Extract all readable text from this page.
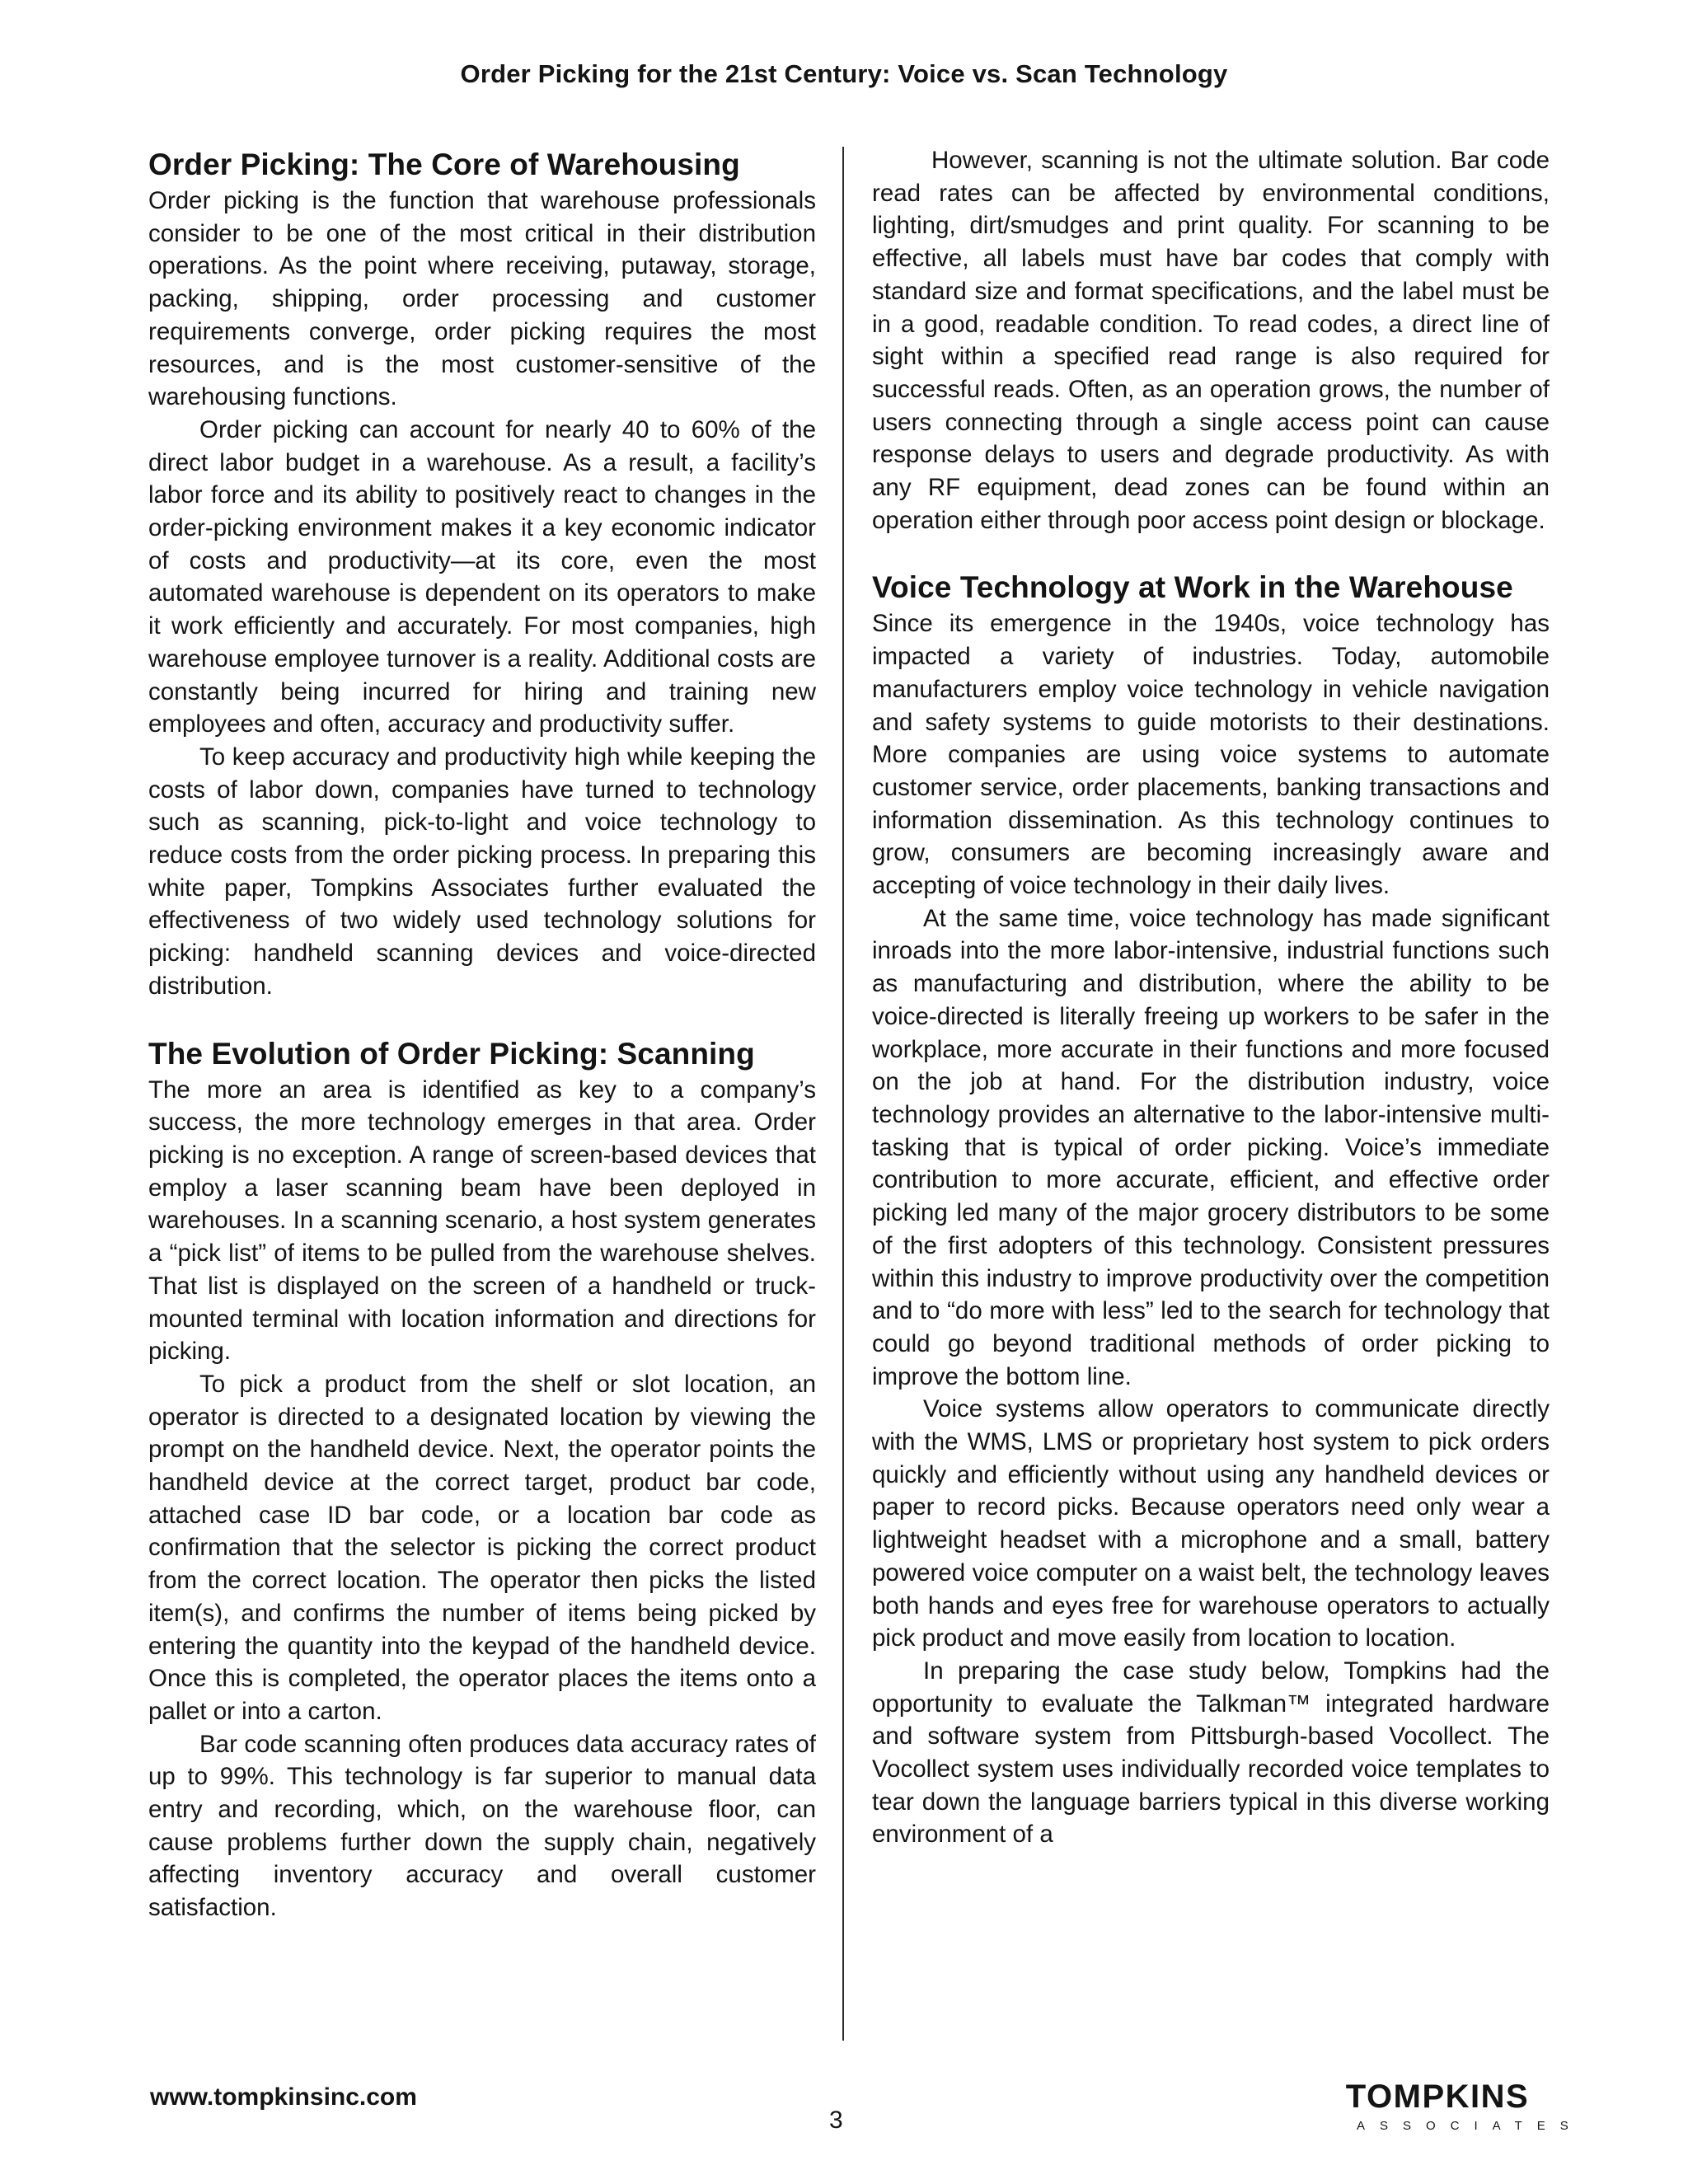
Order Picking for the 21st Century: Voice vs. Scan Technology
Order Picking: The Core of Warehousing

Order picking is the function that warehouse professionals consider to be one of the most critical in their distribution operations. As the point where receiving, putaway, storage, packing, shipping, order processing and customer requirements converge, order picking requires the most resources, and is the most customer-sensitive of the warehousing functions.

Order picking can account for nearly 40 to 60% of the direct labor budget in a warehouse. As a result, a facility’s labor force and its ability to positively react to changes in the order-picking environment makes it a key economic indicator of costs and productivity—at its core, even the most automated warehouse is dependent on its operators to make it work efficiently and accurately. For most companies, high warehouse employee turnover is a reality. Additional costs are constantly being incurred for hiring and training new employees and often, accuracy and productivity suffer.

To keep accuracy and productivity high while keeping the costs of labor down, companies have turned to technology such as scanning, pick-to-light and voice technology to reduce costs from the order picking process. In preparing this white paper, Tompkins Associates further evaluated the effectiveness of two widely used technology solutions for picking: handheld scanning devices and voice-directed distribution.

The Evolution of Order Picking: Scanning

The more an area is identified as key to a company’s success, the more technology emerges in that area. Order picking is no exception. A range of screen-based devices that employ a laser scanning beam have been deployed in warehouses. In a scanning scenario, a host system generates a “pick list” of items to be pulled from the warehouse shelves. That list is displayed on the screen of a handheld or truck-mounted terminal with location information and directions for picking.

To pick a product from the shelf or slot location, an operator is directed to a designated location by viewing the prompt on the handheld device. Next, the operator points the handheld device at the correct target, product bar code, attached case ID bar code, or a location bar code as confirmation that the selector is picking the correct product from the correct location. The operator then picks the listed item(s), and confirms the number of items being picked by entering the quantity into the keypad of the handheld device. Once this is completed, the operator places the items onto a pallet or into a carton.

Bar code scanning often produces data accuracy rates of up to 99%. This technology is far superior to manual data entry and recording, which, on the warehouse floor, can cause problems further down the supply chain, negatively affecting inventory accuracy and overall customer satisfaction.

However, scanning is not the ultimate solution. Bar code read rates can be affected by environmental conditions, lighting, dirt/smudges and print quality. For scanning to be effective, all labels must have bar codes that comply with standard size and format specifications, and the label must be in a good, readable condition. To read codes, a direct line of sight within a specified read range is also required for successful reads. Often, as an operation grows, the number of users connecting through a single access point can cause response delays to users and degrade productivity. As with any RF equipment, dead zones can be found within an operation either through poor access point design or blockage.

Voice Technology at Work in the Warehouse

Since its emergence in the 1940s, voice technology has impacted a variety of industries. Today, automobile manufacturers employ voice technology in vehicle navigation and safety systems to guide motorists to their destinations. More companies are using voice systems to automate customer service, order placements, banking transactions and information dissemination. As this technology continues to grow, consumers are becoming increasingly aware and accepting of voice technology in their daily lives.

At the same time, voice technology has made significant inroads into the more labor-intensive, industrial functions such as manufacturing and distribution, where the ability to be voice-directed is literally freeing up workers to be safer in the workplace, more accurate in their functions and more focused on the job at hand. For the distribution industry, voice technology provides an alternative to the labor-intensive multi-tasking that is typical of order picking. Voice’s immediate contribution to more accurate, efficient, and effective order picking led many of the major grocery distributors to be some of the first adopters of this technology. Consistent pressures within this industry to improve productivity over the competition and to “do more with less” led to the search for technology that could go beyond traditional methods of order picking to improve the bottom line.

Voice systems allow operators to communicate directly with the WMS, LMS or proprietary host system to pick orders quickly and efficiently without using any handheld devices or paper to record picks. Because operators need only wear a lightweight headset with a microphone and a small, battery powered voice computer on a waist belt, the technology leaves both hands and eyes free for warehouse operators to actually pick product and move easily from location to location.

In preparing the case study below, Tompkins had the opportunity to evaluate the Talkman™ integrated hardware and software system from Pittsburgh-based Vocollect. The Vocollect system uses individually recorded voice templates to tear down the language barriers typical in this diverse working environment of a

www.tompkinsinc.com
3
TOMPKINS
ASSOCIATES
